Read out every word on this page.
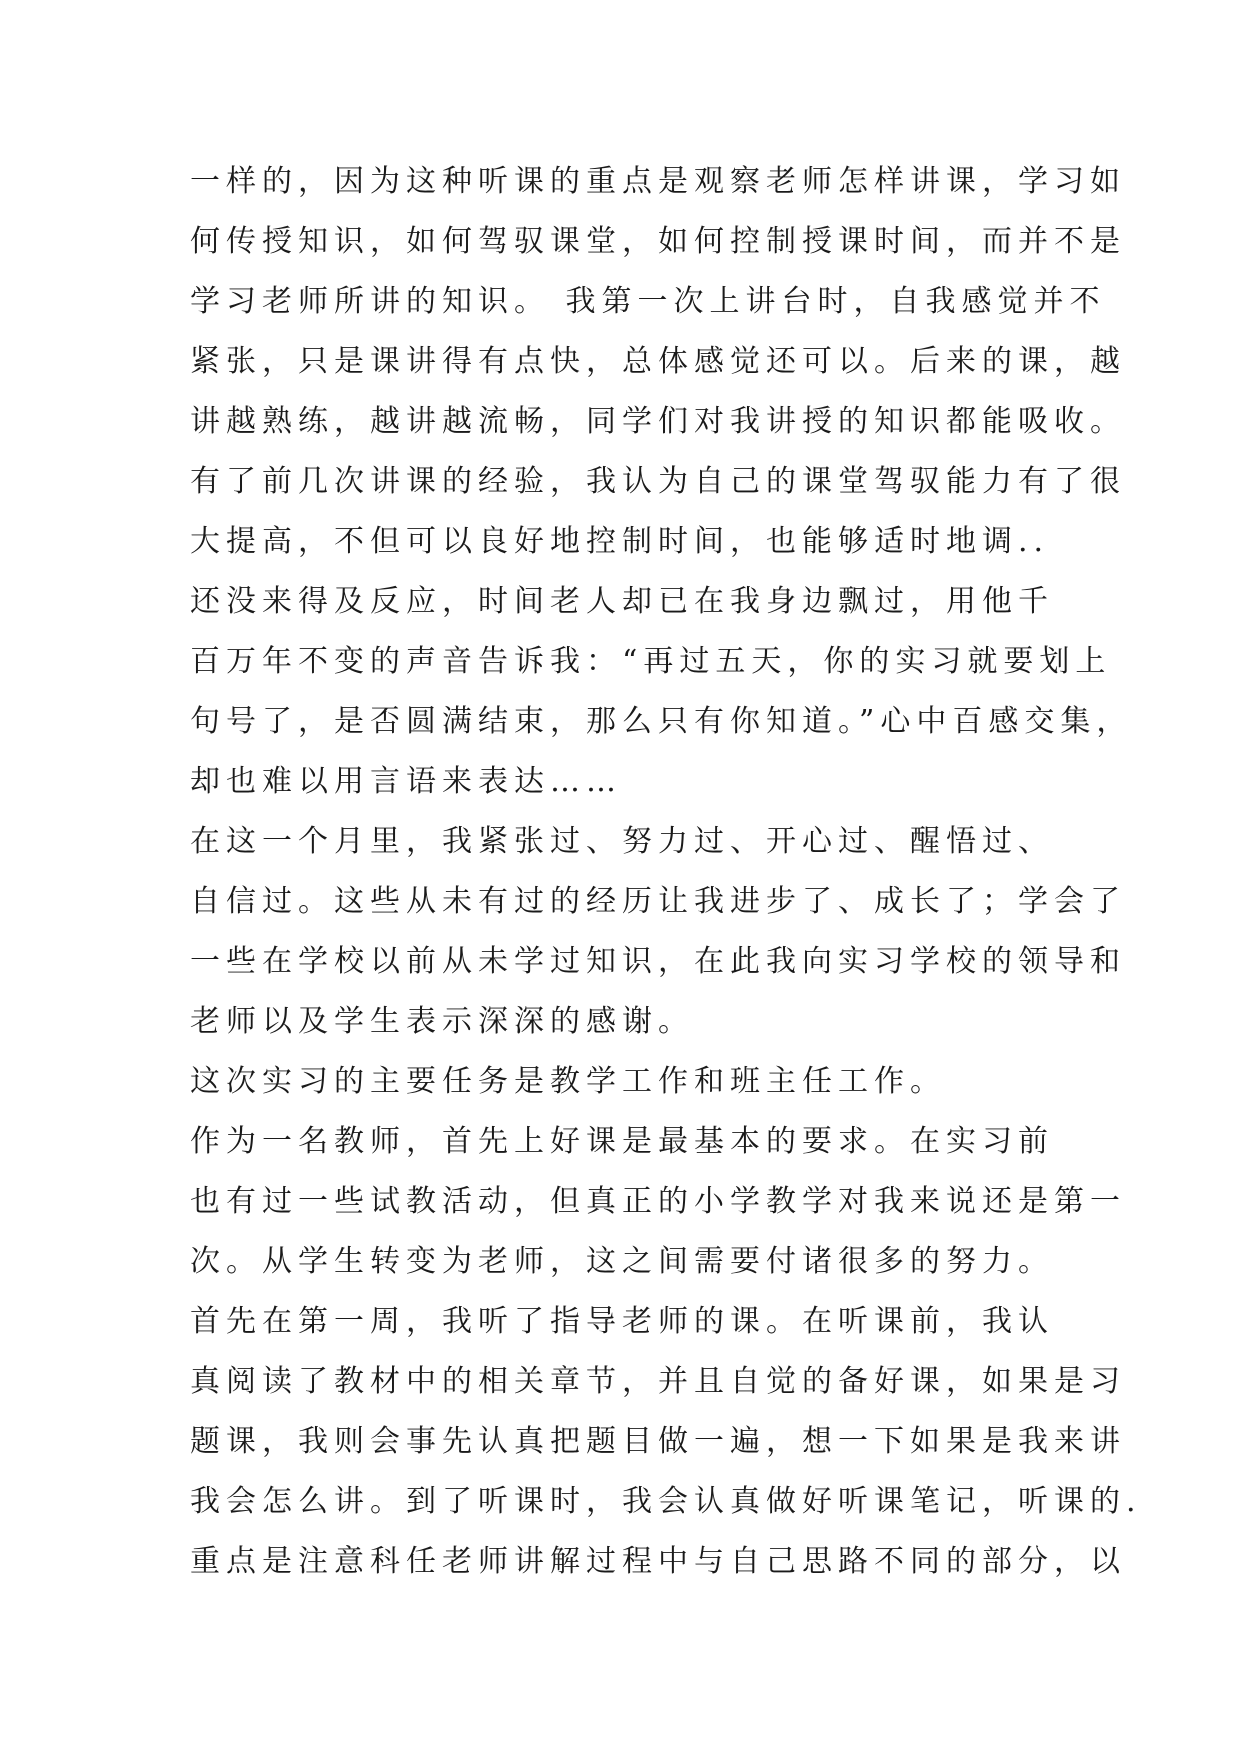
一样的，因为这种听课的重点是观察老师怎样讲课，学习如
何传授知识，如何驾驭课堂，如何控制授课时间，而并不是
学习老师所讲的知识。 我第一次上讲台时，自我感觉并不
紧张，只是课讲得有点快，总体感觉还可以。后来的课，越
讲越熟练，越讲越流畅，同学们对我讲授的知识都能吸收。
有了前几次讲课的经验，我认为自己的课堂驾驭能力有了很
大提高，不但可以良好地控制时间，也能够适时地调..
还没来得及反应，时间老人却已在我身边飘过，用他千
百万年不变的声音告诉我：“再过五天，你的实习就要划上
句号了，是否圆满结束，那么只有你知道。”心中百感交集，
却也难以用言语来表达……
在这一个月里，我紧张过、努力过、开心过、醒悟过、
自信过。这些从未有过的经历让我进步了、成长了；学会了
一些在学校以前从未学过知识，在此我向实习学校的领导和
老师以及学生表示深深的感谢。
这次实习的主要任务是教学工作和班主任工作。
作为一名教师，首先上好课是最基本的要求。在实习前
也有过一些试教活动，但真正的小学教学对我来说还是第一
次。从学生转变为老师，这之间需要付诸很多的努力。
首先在第一周，我听了指导老师的课。在听课前，我认
真阅读了教材中的相关章节，并且自觉的备好课，如果是习
题课，我则会事先认真把题目做一遍，想一下如果是我来讲
我会怎么讲。到了听课时，我会认真做好听课笔记，听课的.
重点是注意科任老师讲解过程中与自己思路不同的部分，以
